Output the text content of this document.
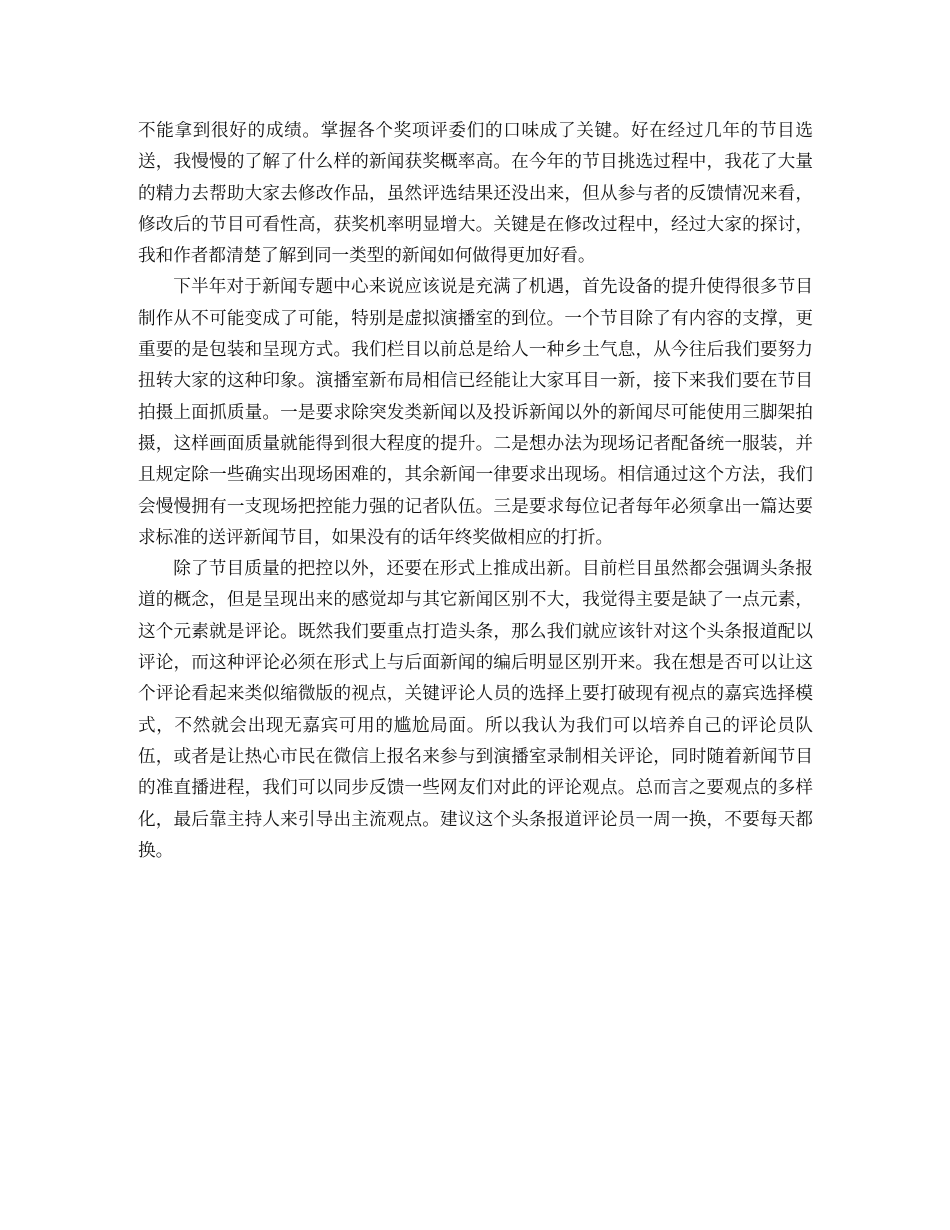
不能拿到很好的成绩。掌握各个奖项评委们的口味成了关键。好在经过几年的节目选送，我慢慢的了解了什么样的新闻获奖概率高。在今年的节目挑选过程中，我花了大量的精力去帮助大家去修改作品，虽然评选结果还没出来，但从参与者的反馈情况来看，修改后的节目可看性高，获奖机率明显增大。关键是在修改过程中，经过大家的探讨，我和作者都清楚了解到同一类型的新闻如何做得更加好看。

下半年对于新闻专题中心来说应该说是充满了机遇，首先设备的提升使得很多节目制作从不可能变成了可能，特别是虚拟演播室的到位。一个节目除了有内容的支撑，更重要的是包装和呈现方式。我们栏目以前总是给人一种乡土气息，从今往后我们要努力扭转大家的这种印象。演播室新布局相信已经能让大家耳目一新，接下来我们要在节目拍摄上面抓质量。一是要求除突发类新闻以及投诉新闻以外的新闻尽可能使用三脚架拍摄，这样画面质量就能得到很大程度的提升。二是想办法为现场记者配备统一服装，并且规定除一些确实出现场困难的，其余新闻一律要求出现场。相信通过这个方法，我们会慢慢拥有一支现场把控能力强的记者队伍。三是要求每位记者每年必须拿出一篇达要求标准的送评新闻节目，如果没有的话年终奖做相应的打折。

除了节目质量的把控以外，还要在形式上推成出新。目前栏目虽然都会强调头条报道的概念，但是呈现出来的感觉却与其它新闻区别不大，我觉得主要是缺了一点元素，这个元素就是评论。既然我们要重点打造头条，那么我们就应该针对这个头条报道配以评论，而这种评论必须在形式上与后面新闻的编后明显区别开来。我在想是否可以让这个评论看起来类似缩微版的视点，关键评论人员的选择上要打破现有视点的嘉宾选择模式，不然就会出现无嘉宾可用的尴尬局面。所以我认为我们可以培养自己的评论员队伍，或者是让热心市民在微信上报名来参与到演播室录制相关评论，同时随着新闻节目的准直播进程，我们可以同步反馈一些网友们对此的评论观点。总而言之要观点的多样化，最后靠主持人来引导出主流观点。建议这个头条报道评论员一周一换，不要每天都换。
